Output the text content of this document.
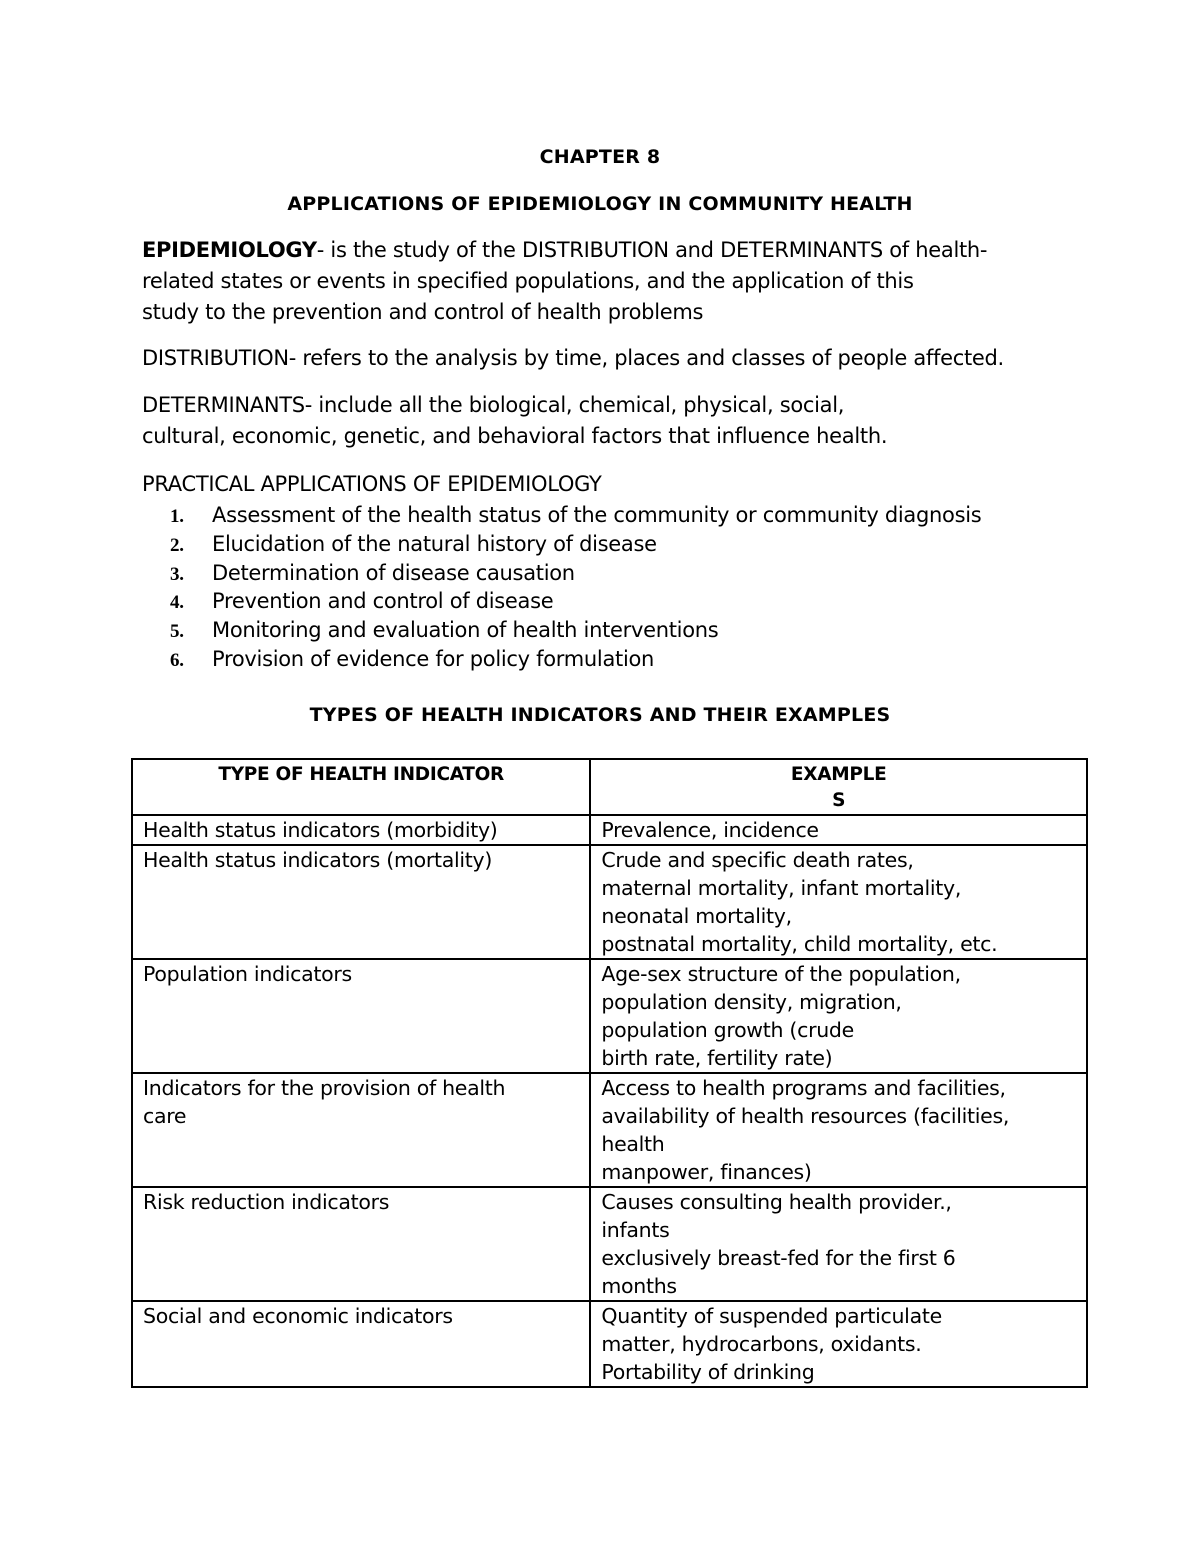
CHAPTER 8
APPLICATIONS OF EPIDEMIOLOGY IN COMMUNITY HEALTH
EPIDEMIOLOGY- is the study of the DISTRIBUTION and DETERMINANTS of health-
related states or events in specified populations, and the application of this
study to the prevention and control of health problems
DISTRIBUTION- refers to the analysis by time, places and classes of people affected.
DETERMINANTS- include all the biological, chemical, physical, social,
cultural, economic, genetic, and behavioral factors that influence health.
PRACTICAL APPLICATIONS OF EPIDEMIOLOGY
1. Assessment of the health status of the community or community diagnosis
2. Elucidation of the natural history of disease
3. Determination of disease causation
4. Prevention and control of disease
5. Monitoring and evaluation of health interventions
6. Provision of evidence for policy formulation
TYPES OF HEALTH INDICATORS AND THEIR EXAMPLES
TYPE OF HEALTH INDICATOR	EXAMPLE
S

Health status indicators (morbidity)	Prevalence, incidence

Health status indicators (mortality)	Crude and specific death rates,
maternal mortality, infant mortality,
neonatal mortality,
postnatal mortality, child mortality, etc.

Population indicators	Age-sex structure of the population,
population density, migration,
population growth (crude
birth rate, fertility rate)

Indicators for the provision of health
care	Access to health programs and facilities,
availability of health resources (facilities,
health
manpower, finances)

Risk reduction indicators	Causes consulting health provider.,
infants
exclusively breast-fed for the first 6
months

Social and economic indicators	Quantity of suspended particulate
matter, hydrocarbons, oxidants.
Portability of drinking
